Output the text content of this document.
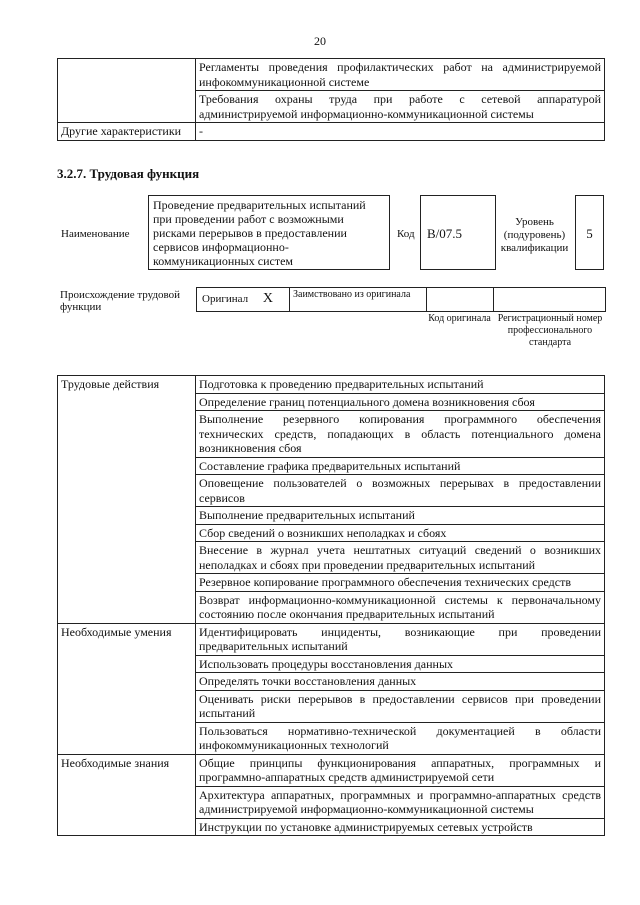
20
	Регламенты проведения профилактических работ на администрируемой инфокоммуникационной системе
	Требования охраны труда при работе с сетевой аппаратурой администрируемой информационно-коммуникационной системы
Другие характеристики	-
3.2.7. Трудовая функция
Наименование
Проведение предварительных испытаний при проведении работ с возможными рисками перерывов в предоставлении сервисов информационно-коммуникационных систем
Код B/07.5
Уровень (подуровень) квалификации
5
Происхождение трудовой функции
Оригинал X	Заимствовано из оригинала		
Код оригинала Регистрационный номер профессионального стандарта
Трудовые действия	Подготовка к проведению предварительных испытаний
	Определение границ потенциального домена возникновения сбоя
	Выполнение резервного копирования программного обеспечения технических средств, попадающих в область потенциального домена возникновения сбоя
	Составление графика предварительных испытаний
	Оповещение пользователей о возможных перерывах в предоставлении сервисов
	Выполнение предварительных испытаний
	Сбор сведений о возникших неполадках и сбоях
	Внесение в журнал учета нештатных ситуаций сведений о возникших неполадках и сбоях при проведении предварительных испытаний
	Резервное копирование программного обеспечения технических средств
	Возврат информационно-коммуникационной системы к первоначальному состоянию после окончания предварительных испытаний
Необходимые умения	Идентифицировать инциденты, возникающие при проведении предварительных испытаний
	Использовать процедуры восстановления данных
	Определять точки восстановления данных
	Оценивать риски перерывов в предоставлении сервисов при проведении испытаний
	Пользоваться нормативно-технической документацией в области инфокоммуникационных технологий
Необходимые знания	Общие принципы функционирования аппаратных, программных и программно-аппаратных средств администрируемой сети
	Архитектура аппаратных, программных и программно-аппаратных средств администрируемой информационно-коммуникационной системы
	Инструкции по установке администрируемых сетевых устройств
